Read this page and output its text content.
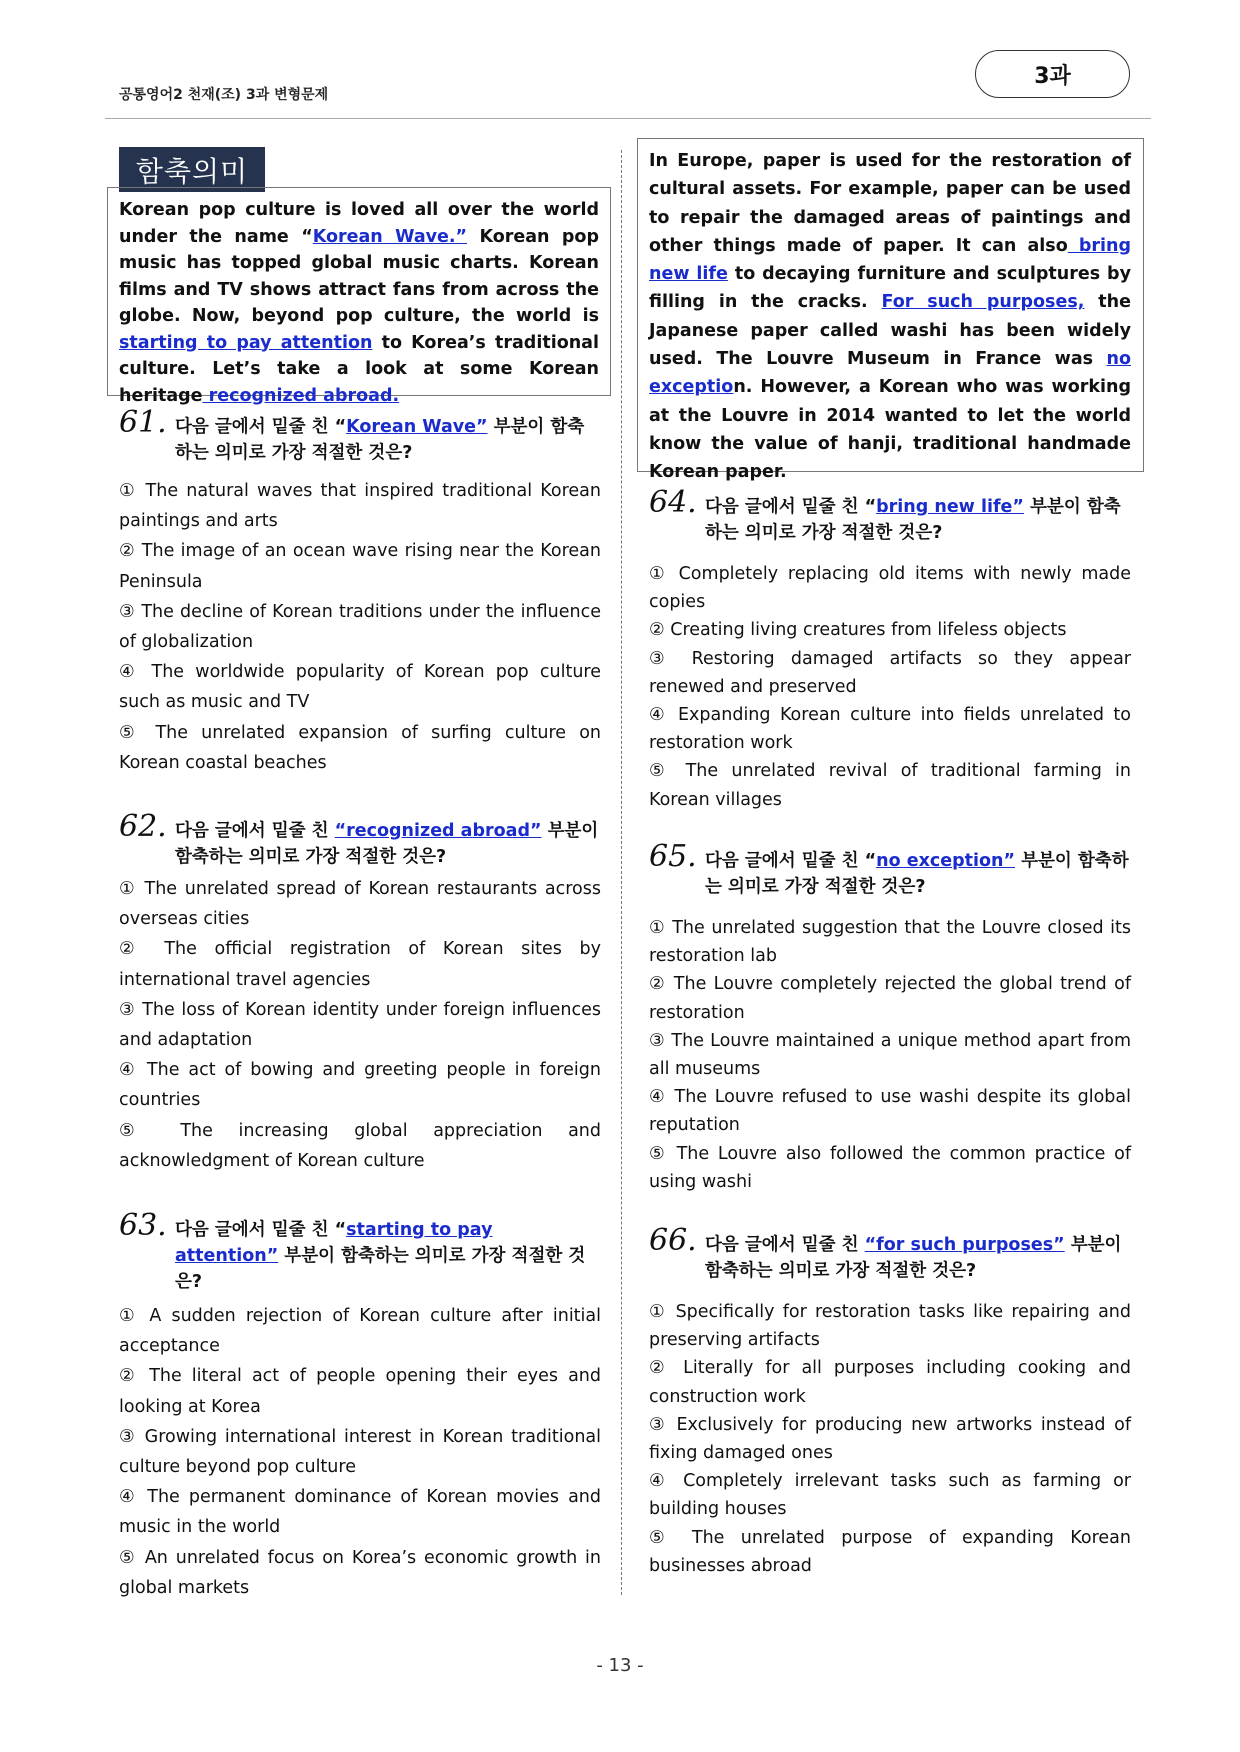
공통영어2 천재(조) 3과 변형문제
3과
함축의미
Korean pop culture is loved all over the world under the name “Korean Wave.” Korean pop music has topped global music charts. Korean films and TV shows attract fans from across the globe. Now, beyond pop culture, the world is starting to pay attention to Korea’s traditional culture. Let’s take a look at some Korean heritage recognized abroad.
In Europe, paper is used for the restoration of cultural assets. For example, paper can be used to repair the damaged areas of paintings and other things made of paper. It can also bring new life to decaying furniture and sculptures by filling in the cracks. For such purposes, the Japanese paper called washi has been widely used. The Louvre Museum in France was no exception. However, a Korean who was working at the Louvre in 2014 wanted to let the world know the value of hanji, traditional handmade Korean paper.
61. 다음 글에서 밑줄 친 “Korean Wave” 부분이 함축하는 의미로 가장 적절한 것은?

① The natural waves that inspired traditional Korean paintings and arts

② The image of an ocean wave rising near the Korean Peninsula

③ The decline of Korean traditions under the influence of globalization

④ The worldwide popularity of Korean pop culture such as music and TV

⑤ The unrelated expansion of surfing culture on Korean coastal beaches

62. 다음 글에서 밑줄 친 “recognized abroad” 부분이 함축하는 의미로 가장 적절한 것은?

① The unrelated spread of Korean restaurants across overseas cities

② The official registration of Korean sites by international travel agencies

③ The loss of Korean identity under foreign influences and adaptation

④ The act of bowing and greeting people in foreign countries

⑤ The increasing global appreciation and acknowledgment of Korean culture

63. 다음 글에서 밑줄 친 “starting to pay attention” 부분이 함축하는 의미로 가장 적절한 것은?

① A sudden rejection of Korean culture after initial acceptance

② The literal act of people opening their eyes and looking at Korea

③ Growing international interest in Korean traditional culture beyond pop culture

④ The permanent dominance of Korean movies and music in the world

⑤ An unrelated focus on Korea’s economic growth in global markets

64. 다음 글에서 밑줄 친 “bring new life” 부분이 함축하는 의미로 가장 적절한 것은?

① Completely replacing old items with newly made copies

② Creating living creatures from lifeless objects

③ Restoring damaged artifacts so they appear renewed and preserved

④ Expanding Korean culture into fields unrelated to restoration work

⑤ The unrelated revival of traditional farming in Korean villages

65. 다음 글에서 밑줄 친 “no exception” 부분이 함축하는 의미로 가장 적절한 것은?

① The unrelated suggestion that the Louvre closed its restoration lab

② The Louvre completely rejected the global trend of restoration

③ The Louvre maintained a unique method apart from all museums

④ The Louvre refused to use washi despite its global reputation

⑤ The Louvre also followed the common practice of using washi

66. 다음 글에서 밑줄 친 “for such purposes” 부분이 함축하는 의미로 가장 적절한 것은?

① Specifically for restoration tasks like repairing and preserving artifacts

② Literally for all purposes including cooking and construction work

③ Exclusively for producing new artworks instead of fixing damaged ones

④ Completely irrelevant tasks such as farming or building houses

⑤ The unrelated purpose of expanding Korean businesses abroad

- 13 -
